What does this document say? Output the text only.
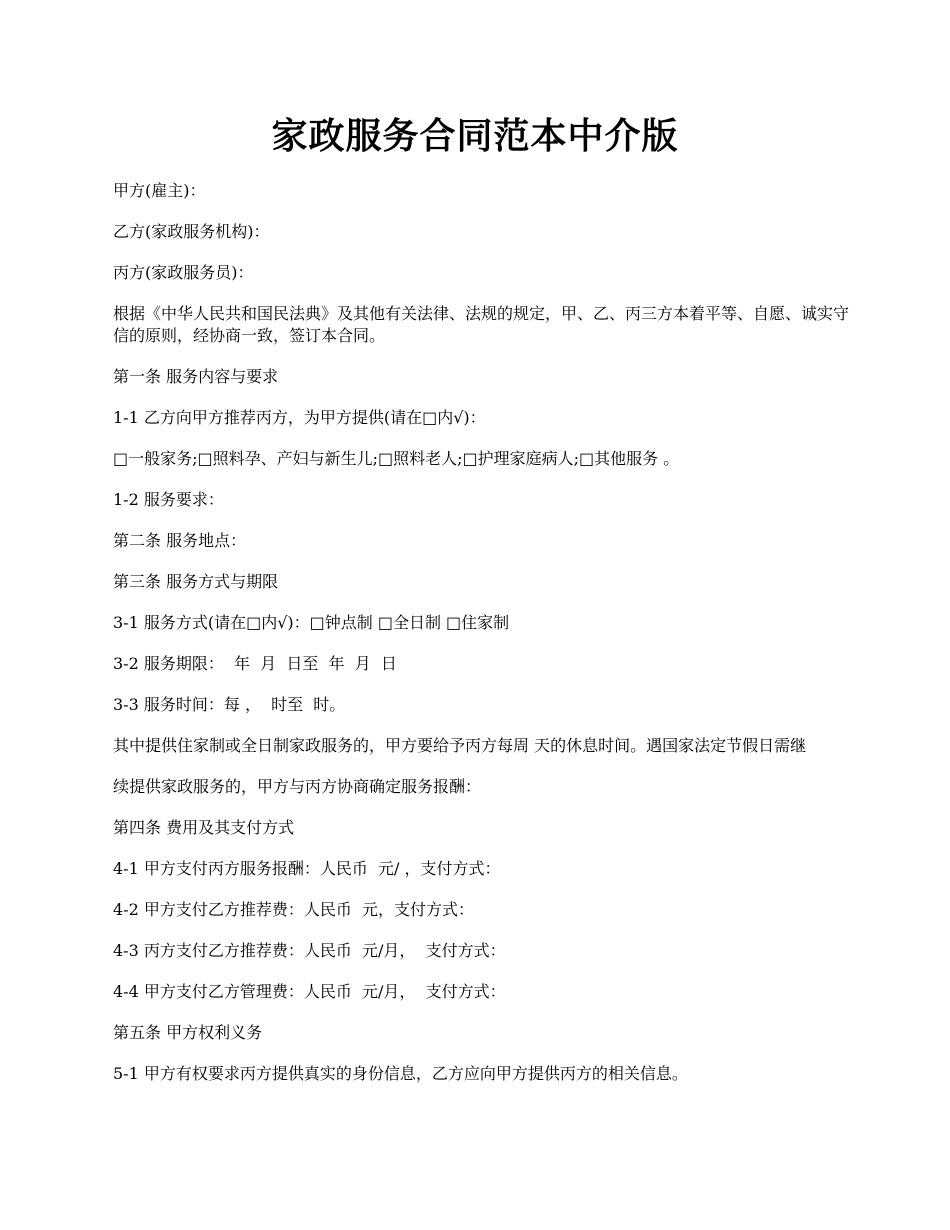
家政服务合同范本中介版

甲方(雇主)：

乙方(家政服务机构)：

丙方(家政服务员)：

根据《中华人民共和国民法典》及其他有关法律、法规的规定，甲、乙、丙三方本着平等、自愿、诚实守信的原则，经协商一致，签订本合同。

第一条 服务内容与要求

1-1 乙方向甲方推荐丙方，为甲方提供(请在□内√)：

□一般家务;□照料孕、产妇与新生儿;□照料老人;□护理家庭病人;□其他服务 。

1-2 服务要求：

第二条 服务地点：

第三条 服务方式与期限

3-1 服务方式(请在□内√)：□钟点制 □全日制 □住家制

3-2 服务期限：  年  月  日至  年  月  日

3-3 服务时间：每 ，  时至  时。

其中提供住家制或全日制家政服务的，甲方要给予丙方每周 天的休息时间。遇国家法定节假日需继

续提供家政服务的，甲方与丙方协商确定服务报酬：

第四条 费用及其支付方式

4-1 甲方支付丙方服务报酬：人民币  元/ ，支付方式：

4-2 甲方支付乙方推荐费：人民币  元，支付方式：

4-3 丙方支付乙方推荐费：人民币  元/月，  支付方式：

4-4 甲方支付乙方管理费：人民币  元/月，  支付方式：

第五条 甲方权利义务

5-1 甲方有权要求丙方提供真实的身份信息，乙方应向甲方提供丙方的相关信息。
